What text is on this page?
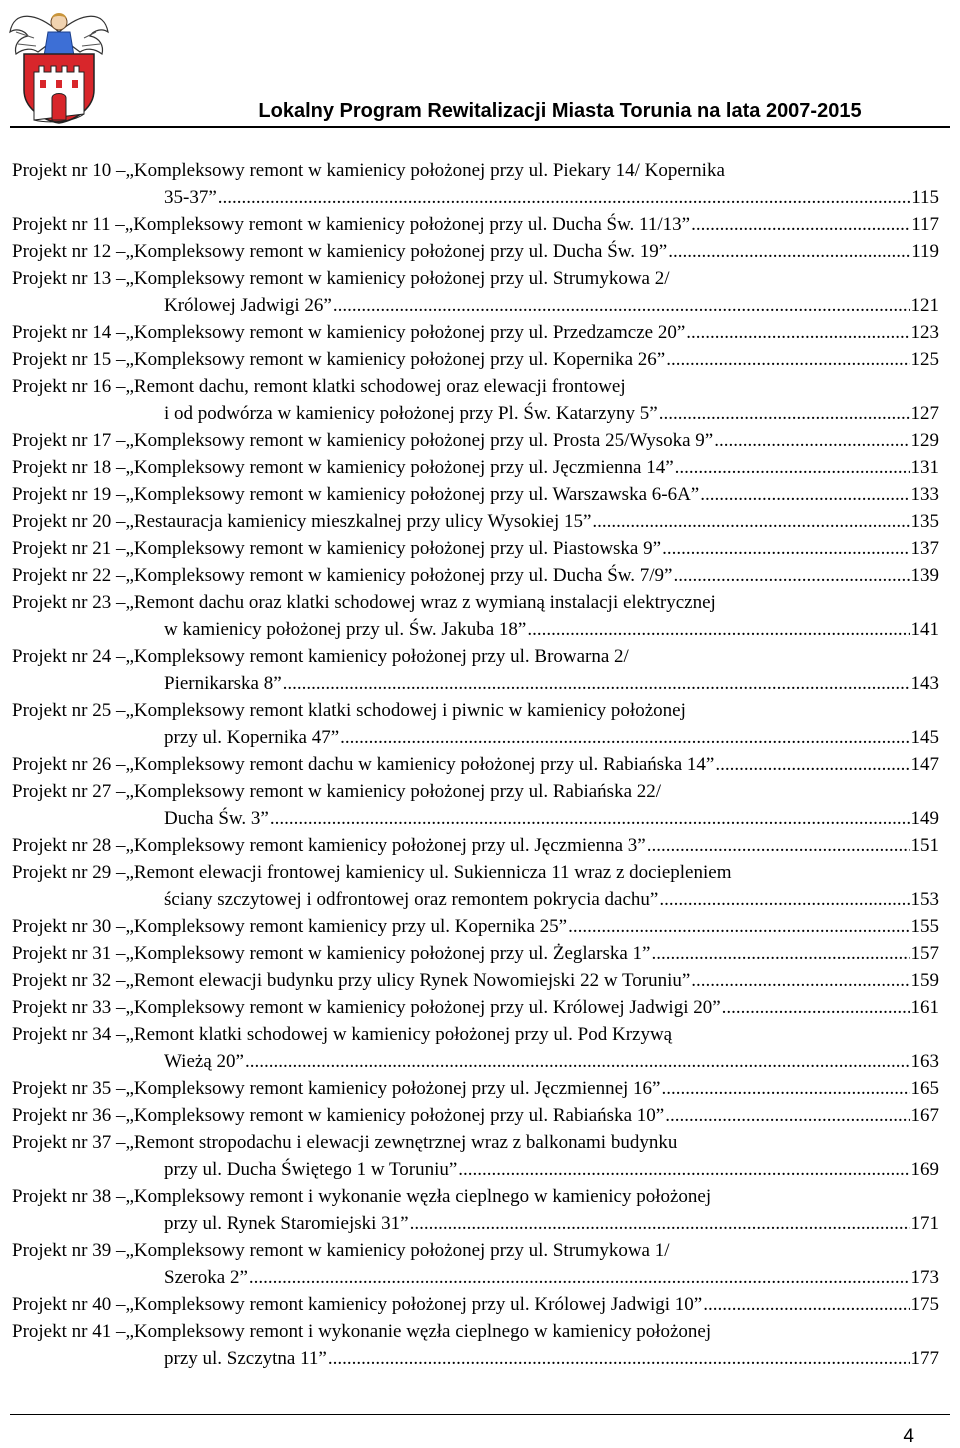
Lokalny Program Rewitalizacji Miasta Torunia na lata 2007-2015
Projekt nr 10 – „Kompleksowy remont w kamienicy położonej przy ul. Piekary 14/ Kopernika
35-37” .....	115
Projekt nr 11 – „Kompleksowy remont w kamienicy położonej przy ul. Ducha Św. 11/13” .....	117
Projekt nr 12 – „Kompleksowy remont w kamienicy położonej przy ul. Ducha Św. 19” .....	119
Projekt nr 13 – „Kompleksowy remont w kamienicy położonej przy ul. Strumykowa 2/
Królowej Jadwigi 26” .....	121
Projekt nr 14 – „Kompleksowy remont w kamienicy położonej przy ul. Przedzamcze 20” .....	123
Projekt nr 15 – „Kompleksowy remont w kamienicy położonej przy ul. Kopernika 26” .....	125
Projekt nr 16 – „Remont dachu, remont klatki schodowej oraz elewacji frontowej
i od podwórza w kamienicy położonej przy Pl. Św. Katarzyny 5” .....	127
Projekt nr 17 – „Kompleksowy remont w kamienicy położonej przy ul. Prosta 25/Wysoka 9” .....	129
Projekt nr 18 – „Kompleksowy remont w kamienicy położonej przy ul. Jęczmienna 14” .....	131
Projekt nr 19 – „Kompleksowy remont w kamienicy położonej przy ul. Warszawska 6-6A” .....	133
Projekt nr 20 – „Restauracja kamienicy mieszkalnej przy ulicy Wysokiej 15” .....	135
Projekt nr 21 – „Kompleksowy remont w kamienicy położonej przy ul. Piastowska 9” .....	137
Projekt nr 22 – „Kompleksowy remont w kamienicy położonej przy ul. Ducha Św. 7/9” .....	139
Projekt nr 23 – „Remont dachu oraz klatki schodowej wraz z wymianą instalacji elektrycznej
w kamienicy położonej przy ul. Św. Jakuba 18” .....	141
Projekt nr 24 – „Kompleksowy remont kamienicy położonej przy ul. Browarna 2/
Piernikarska 8” .....	143
Projekt nr 25 – „Kompleksowy remont klatki schodowej i piwnic w kamienicy położonej
przy ul. Kopernika 47” .....	145
Projekt nr 26 – „Kompleksowy remont dachu w kamienicy położonej przy ul. Rabiańska 14” .....	147
Projekt nr 27 – „Kompleksowy remont w kamienicy położonej przy ul. Rabiańska 22/
Ducha Św. 3” .....	149
Projekt nr 28 – „Kompleksowy remont kamienicy położonej przy ul. Jęczmienna 3” .....	151
Projekt nr 29 – „Remont elewacji frontowej kamienicy ul. Sukiennicza 11 wraz z dociepleniem
ściany szczytowej i odfrontowej oraz remontem pokrycia dachu” .....	153
Projekt nr 30 – „Kompleksowy remont kamienicy przy ul. Kopernika 25” .....	155
Projekt nr 31 – „Kompleksowy remont w kamienicy położonej przy ul. Żeglarska 1” .....	157
Projekt nr 32 – „Remont elewacji budynku przy ulicy Rynek Nowomiejski 22 w Toruniu” .....	159
Projekt nr 33 – „Kompleksowy remont w kamienicy położonej przy ul. Królowej Jadwigi 20” .....	161
Projekt nr 34 – „Remont klatki schodowej w kamienicy położonej przy ul. Pod Krzywą
Wieżą 20” .....	163
Projekt nr 35 – „Kompleksowy remont kamienicy położonej przy ul. Jęczmiennej 16” .....	165
Projekt nr 36 – „Kompleksowy remont w kamienicy położonej przy ul. Rabiańska 10” .....	167
Projekt nr 37 – „Remont stropodachu i elewacji zewnętrznej wraz z balkonami budynku
przy ul. Ducha Świętego 1 w Toruniu” .....	169
Projekt nr 38 – „Kompleksowy remont i wykonanie węzła cieplnego w kamienicy położonej
przy ul. Rynek Staromiejski 31” .....	171
Projekt nr 39 – „Kompleksowy remont w kamienicy położonej przy ul. Strumykowa 1/
Szeroka 2” .....	173
Projekt nr 40 – „Kompleksowy remont kamienicy położonej przy ul. Królowej Jadwigi 10” .....	175
Projekt nr 41 – „Kompleksowy remont i wykonanie węzła cieplnego w kamienicy położonej
przy ul. Szczytna 11” .....	177
4
